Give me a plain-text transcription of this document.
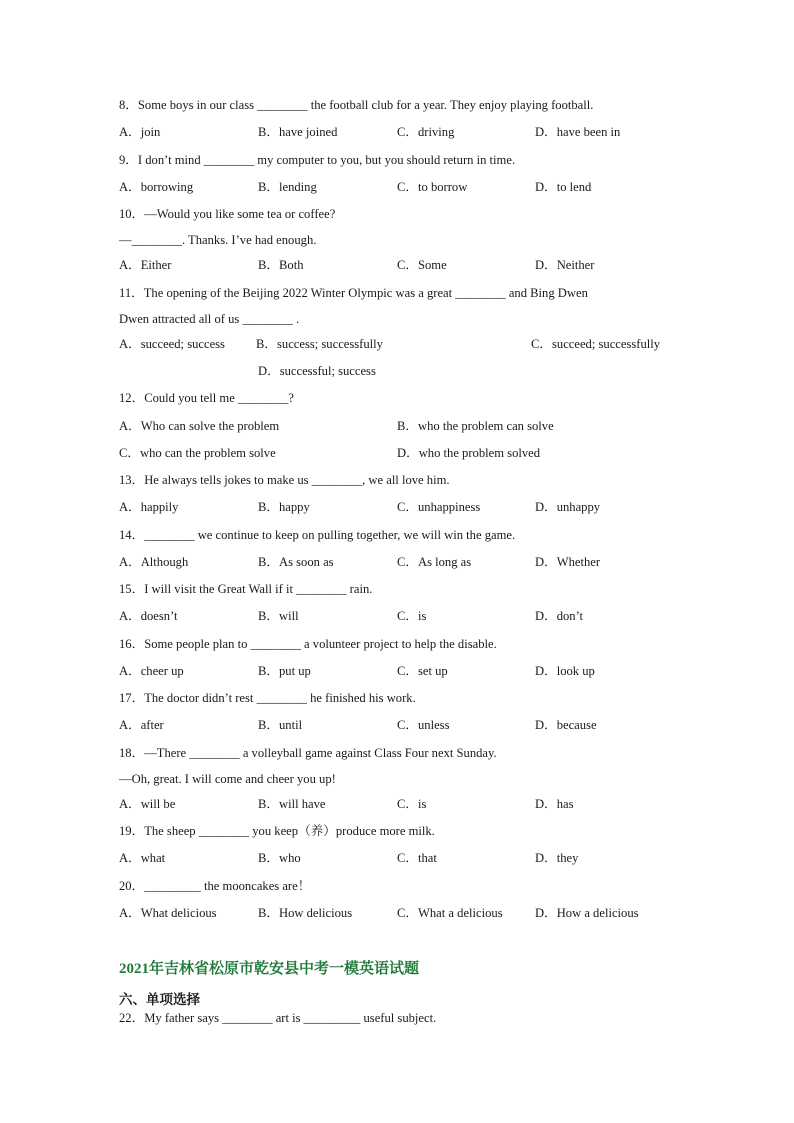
8．Some boys in our class ________ the football club for a year. They enjoy playing football.
A．join	B．have joined	C．driving	D．have been in
9．I don’t mind ________ my computer to you, but you should return in time.
A．borrowing	B．lending	C．to borrow	D．to lend
10．—Would you like some tea or coffee?
—________. Thanks. I’ve had enough.
A．Either	B．Both	C．Some	D．Neither
11．The opening of the Beijing 2022 Winter Olympic was a great ________ and Bing Dwen
Dwen attracted all of us ________ .
A．succeed; success B．success; successfully	C．succeed; successfully
D．successful; success
12．Could you tell me ________?
A．Who can solve the problem	B．who the problem can solve
C．who can the problem solve	D．who the problem solved
13．He always tells jokes to make us ________, we all love him.
A．happily	B．happy	C．unhappiness	D．unhappy
14．________ we continue to keep on pulling together, we will win the game.
A．Although	B．As soon as	C．As long as	D．Whether
15．I will visit the Great Wall if it ________ rain.
A．doesn’t	B．will	C．is	D．don’t
16．Some people plan to ________ a volunteer project to help the disable.
A．cheer up	B．put up	C．set up	D．look up
17．The doctor didn’t rest ________ he finished his work.
A．after	B．until	C．unless	D．because
18．—There ________ a volleyball game against Class Four next Sunday.
—Oh, great. I will come and cheer you up!
A．will be	B．will have	C．is	D．has
19．The sheep ________ you keep（养）produce more milk.
A．what	B．who	C．that	D．they
20．_________ the mooncakes are！
A．What delicious	B．How delicious	C．What a delicious	D．How a delicious
2021年吉林省松原市乾安县中考一模英语试题
六、单项选择
22．My father says ________ art is _________ useful subject.
